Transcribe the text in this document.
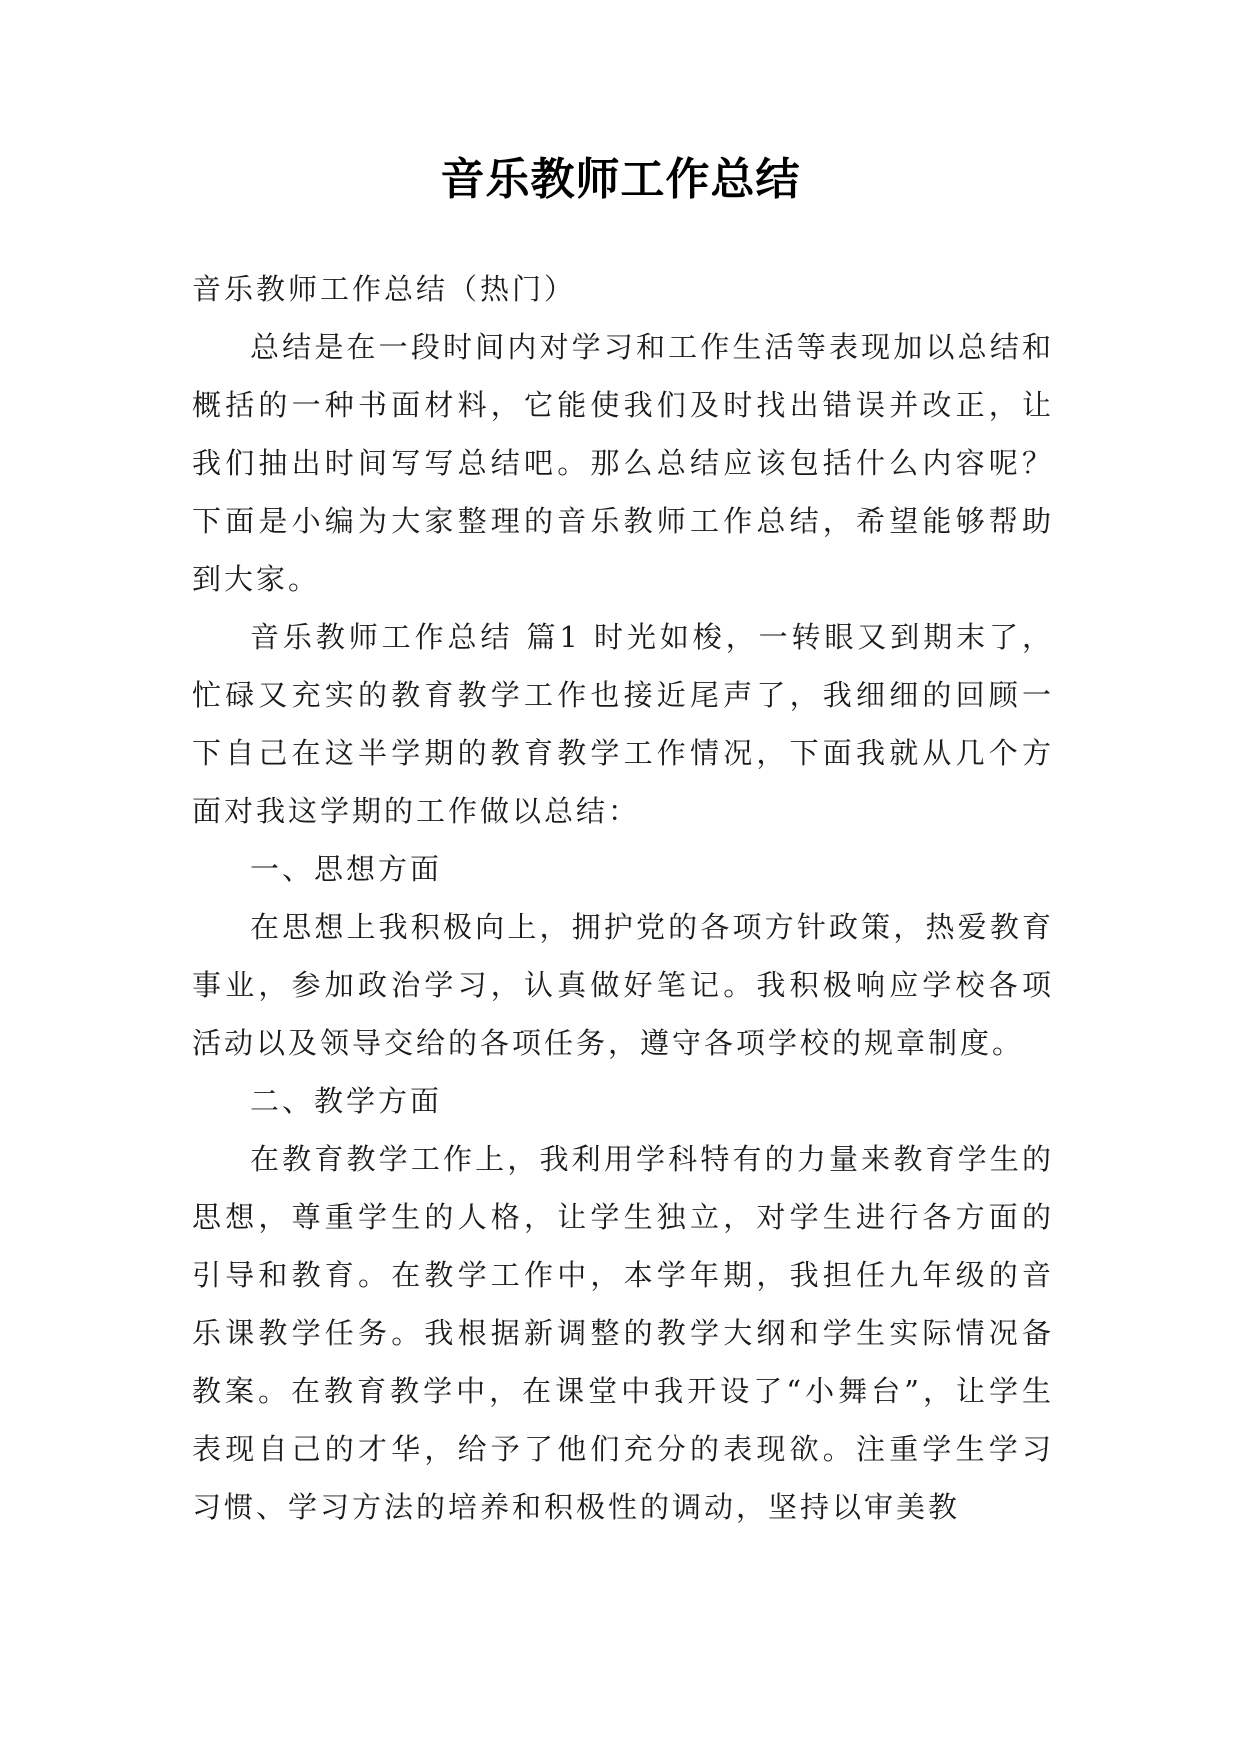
音乐教师工作总结

音乐教师工作总结（热门）

总结是在一段时间内对学习和工作生活等表现加以总结和概括的一种书面材料，它能使我们及时找出错误并改正，让我们抽出时间写写总结吧。那么总结应该包括什么内容呢？下面是小编为大家整理的音乐教师工作总结，希望能够帮助到大家。

音乐教师工作总结 篇1 时光如梭，一转眼又到期末了，忙碌又充实的教育教学工作也接近尾声了，我细细的回顾一下自己在这半学期的教育教学工作情况，下面我就从几个方面对我这学期的工作做以总结：

一、思想方面

在思想上我积极向上，拥护党的各项方针政策，热爱教育事业，参加政治学习，认真做好笔记。我积极响应学校各项活动以及领导交给的各项任务，遵守各项学校的规章制度。

二、教学方面

在教育教学工作上，我利用学科特有的力量来教育学生的思想，尊重学生的人格，让学生独立，对学生进行各方面的引导和教育。在教学工作中，本学年期，我担任九年级的音乐课教学任务。我根据新调整的教学大纲和学生实际情况备教案。在教育教学中，在课堂中我开设了“小舞台”，让学生表现自己的才华，给予了他们充分的表现欲。注重学生学习习惯、学习方法的培养和积极性的调动，坚持以审美教
